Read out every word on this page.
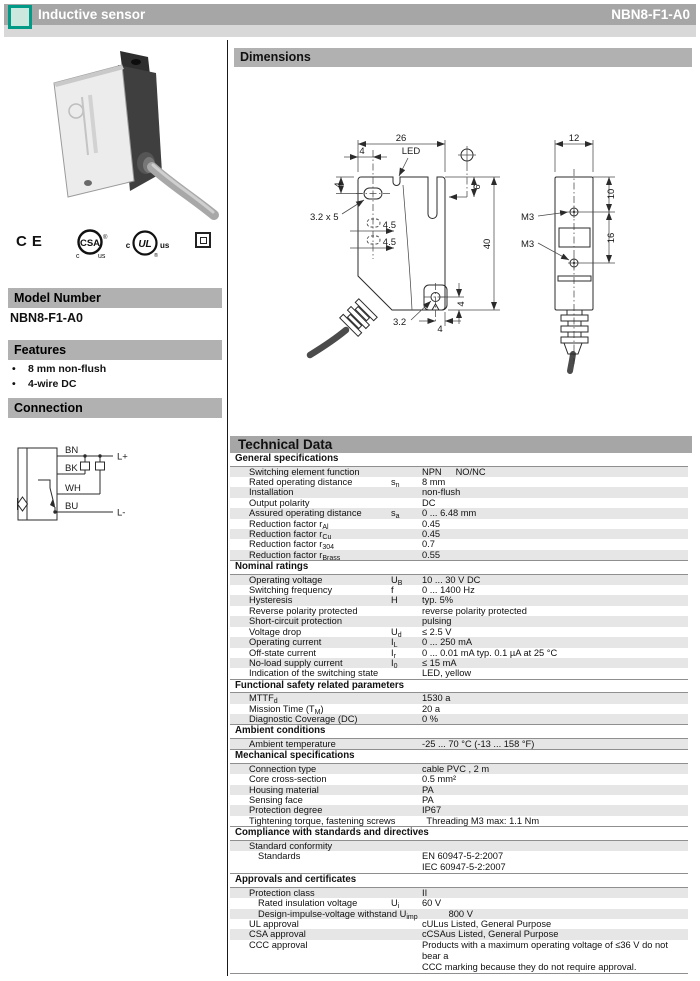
Inductive sensor	NBN8-F1-A0
CE	CSA ®
c	us
c UL us
®
Model Number
NBN8-F1-A0
Features
• 8 mm non-flush
• 4-wire DC
Connection
BN
BK
WH
BU
L+
L-
Dimensions
26
4	LED
4
3.2 x 5
4.5
4.5
6
40
3.2
4
4
12
10
16
M3
M3
Technical Data
General specifications
Switching element function	NPN  NO/NC
Rated operating distance	$s_n$	8 mm
Installation	non-flush
Output polarity	DC
Assured operating distance	$s_a$	0 ... 6.48 mm
Reduction factor $r_{Al}$	0.45
Reduction factor $r_{Cu}$	0.45
Reduction factor $r_{304}$	0.7
Reduction factor $r_{Brass}$	0.55
Nominal ratings
Operating voltage	$U_B$	10 ... 30 V DC
Switching frequency	f	0 ... 1400 Hz
Hysteresis	H	typ. 5%
Reverse polarity protected	reverse polarity protected
Short-circuit protection	pulsing
Voltage drop	$U_d$	≤ 2.5 V
Operating current	$I_L$	0 ... 250 mA
Off-state current	$I_r$	0 ... 0.01 mA typ. 0.1 µA at 25 °C
No-load supply current	$I_0$	≤ 15 mA
Indication of the switching state	LED, yellow
Functional safety related parameters
$MTTF_d$	1530 a
Mission Time $(T_M)$	20 a
Diagnostic Coverage (DC)	0 %
Ambient conditions
Ambient temperature	-25 ... 70 °C (-13 ... 158 °F)
Mechanical specifications
Connection type	cable PVC , 2 m
Core cross-section	0.5 mm²
Housing material	PA
Sensing face	PA
Protection degree	IP67
Tightening torque, fastening screws	Threading M3 max: 1.1 Nm
Compliance with standards and directives
Standard conformity
Standards	EN 60947-5-2:2007
IEC 60947-5-2:2007
Approvals and certificates
Protection class	II
Rated insulation voltage	$U_i$	60 V
Design-impulse-voltage withstand $U_{imp}$	800 V
UL approval	cULus Listed, General Purpose
CSA approval	cCSAus Listed, General Purpose
CCC approval	Products with a maximum operating voltage of ≤36 V do not bear a
CCC marking because they do not require approval.
